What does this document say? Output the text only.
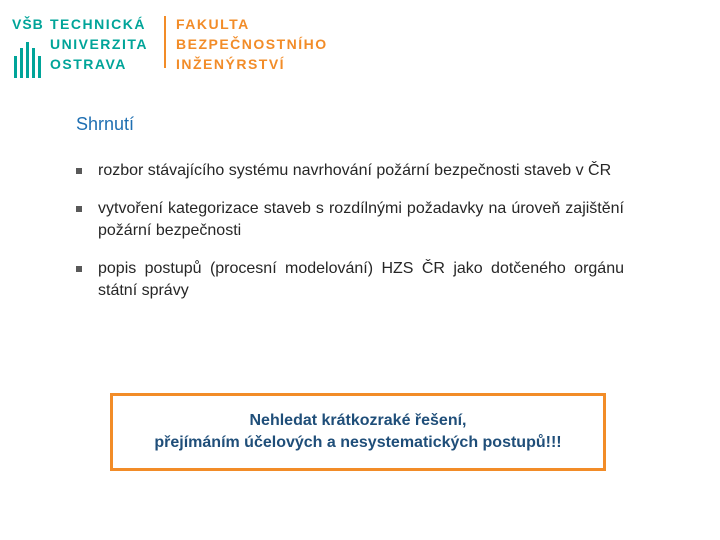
VŠB TECHNICKÁ
UNIVERZITA
OSTRAVA
FAKULTA
BEZPEČNOSTNÍHO
INŽENÝRSTVÍ
Shrnutí
rozbor stávajícího systému navrhování požární bezpečnosti staveb v ČR
vytvoření kategorizace staveb s rozdílnými požadavky na úroveň zajištění požární bezpečnosti
popis postupů (procesní modelování) HZS ČR jako dotčeného orgánu státní správy
Nehledat krátkozraké řešení,
přejímáním účelových a nesystematických postupů!!!
